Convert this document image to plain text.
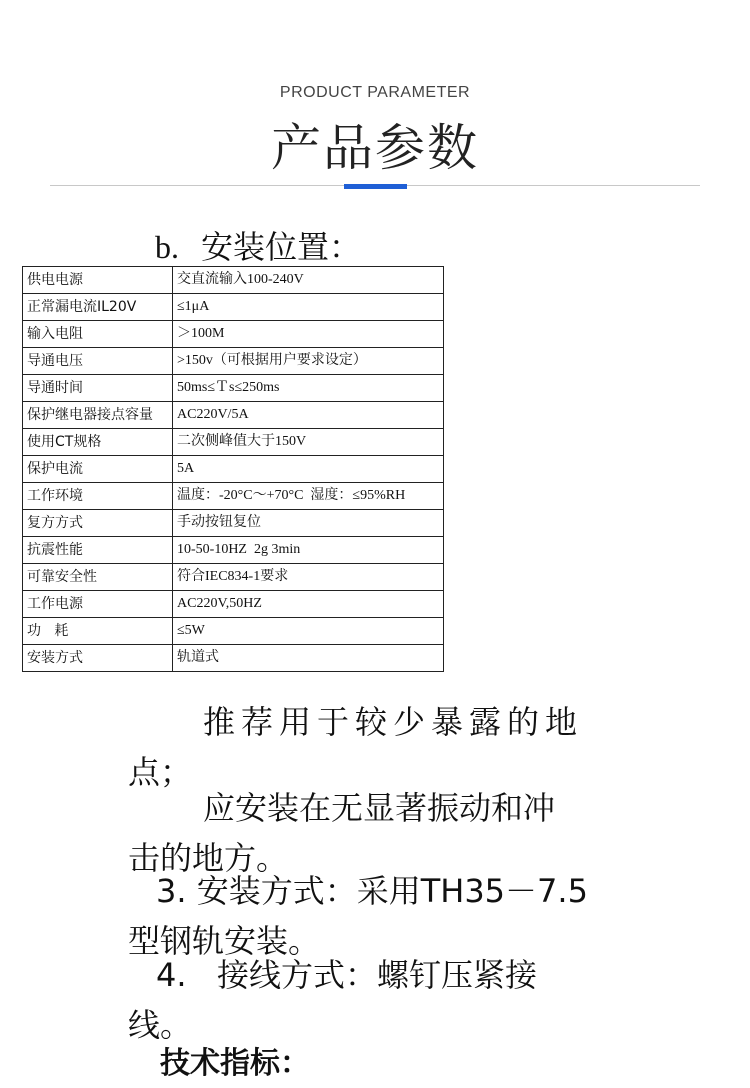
PRODUCT PARAMETER
产品参数
b. 安装位置：
供电电源	交直流输入100-240V
正常漏电流IL20V	≤1μA
输入电阻	＞100M
导通电压	>150v（可根据用户要求设定）
导通时间	50ms≤Ｔs≤250ms
保护继电器接点容量	AC220V/5A
使用CT规格	二次侧峰值大于150V
保护电流	5A
工作环境	温度：-20°C～+70°C  湿度：≤95%RH
复方方式	手动按钮复位
抗震性能	10-50-10HZ  2g 3min
可靠安全性	符合IEC834-1要求
工作电源	AC220V,50HZ
功   耗	≤5W
安装方式	轨道式
推荐用于较少暴露的地
点；
应安装在无显著振动和冲
击的地方。
3. 安装方式：采用TH35－7.5
型钢轨安装。
4.   接线方式：螺钉压紧接
线。
技术指标：
